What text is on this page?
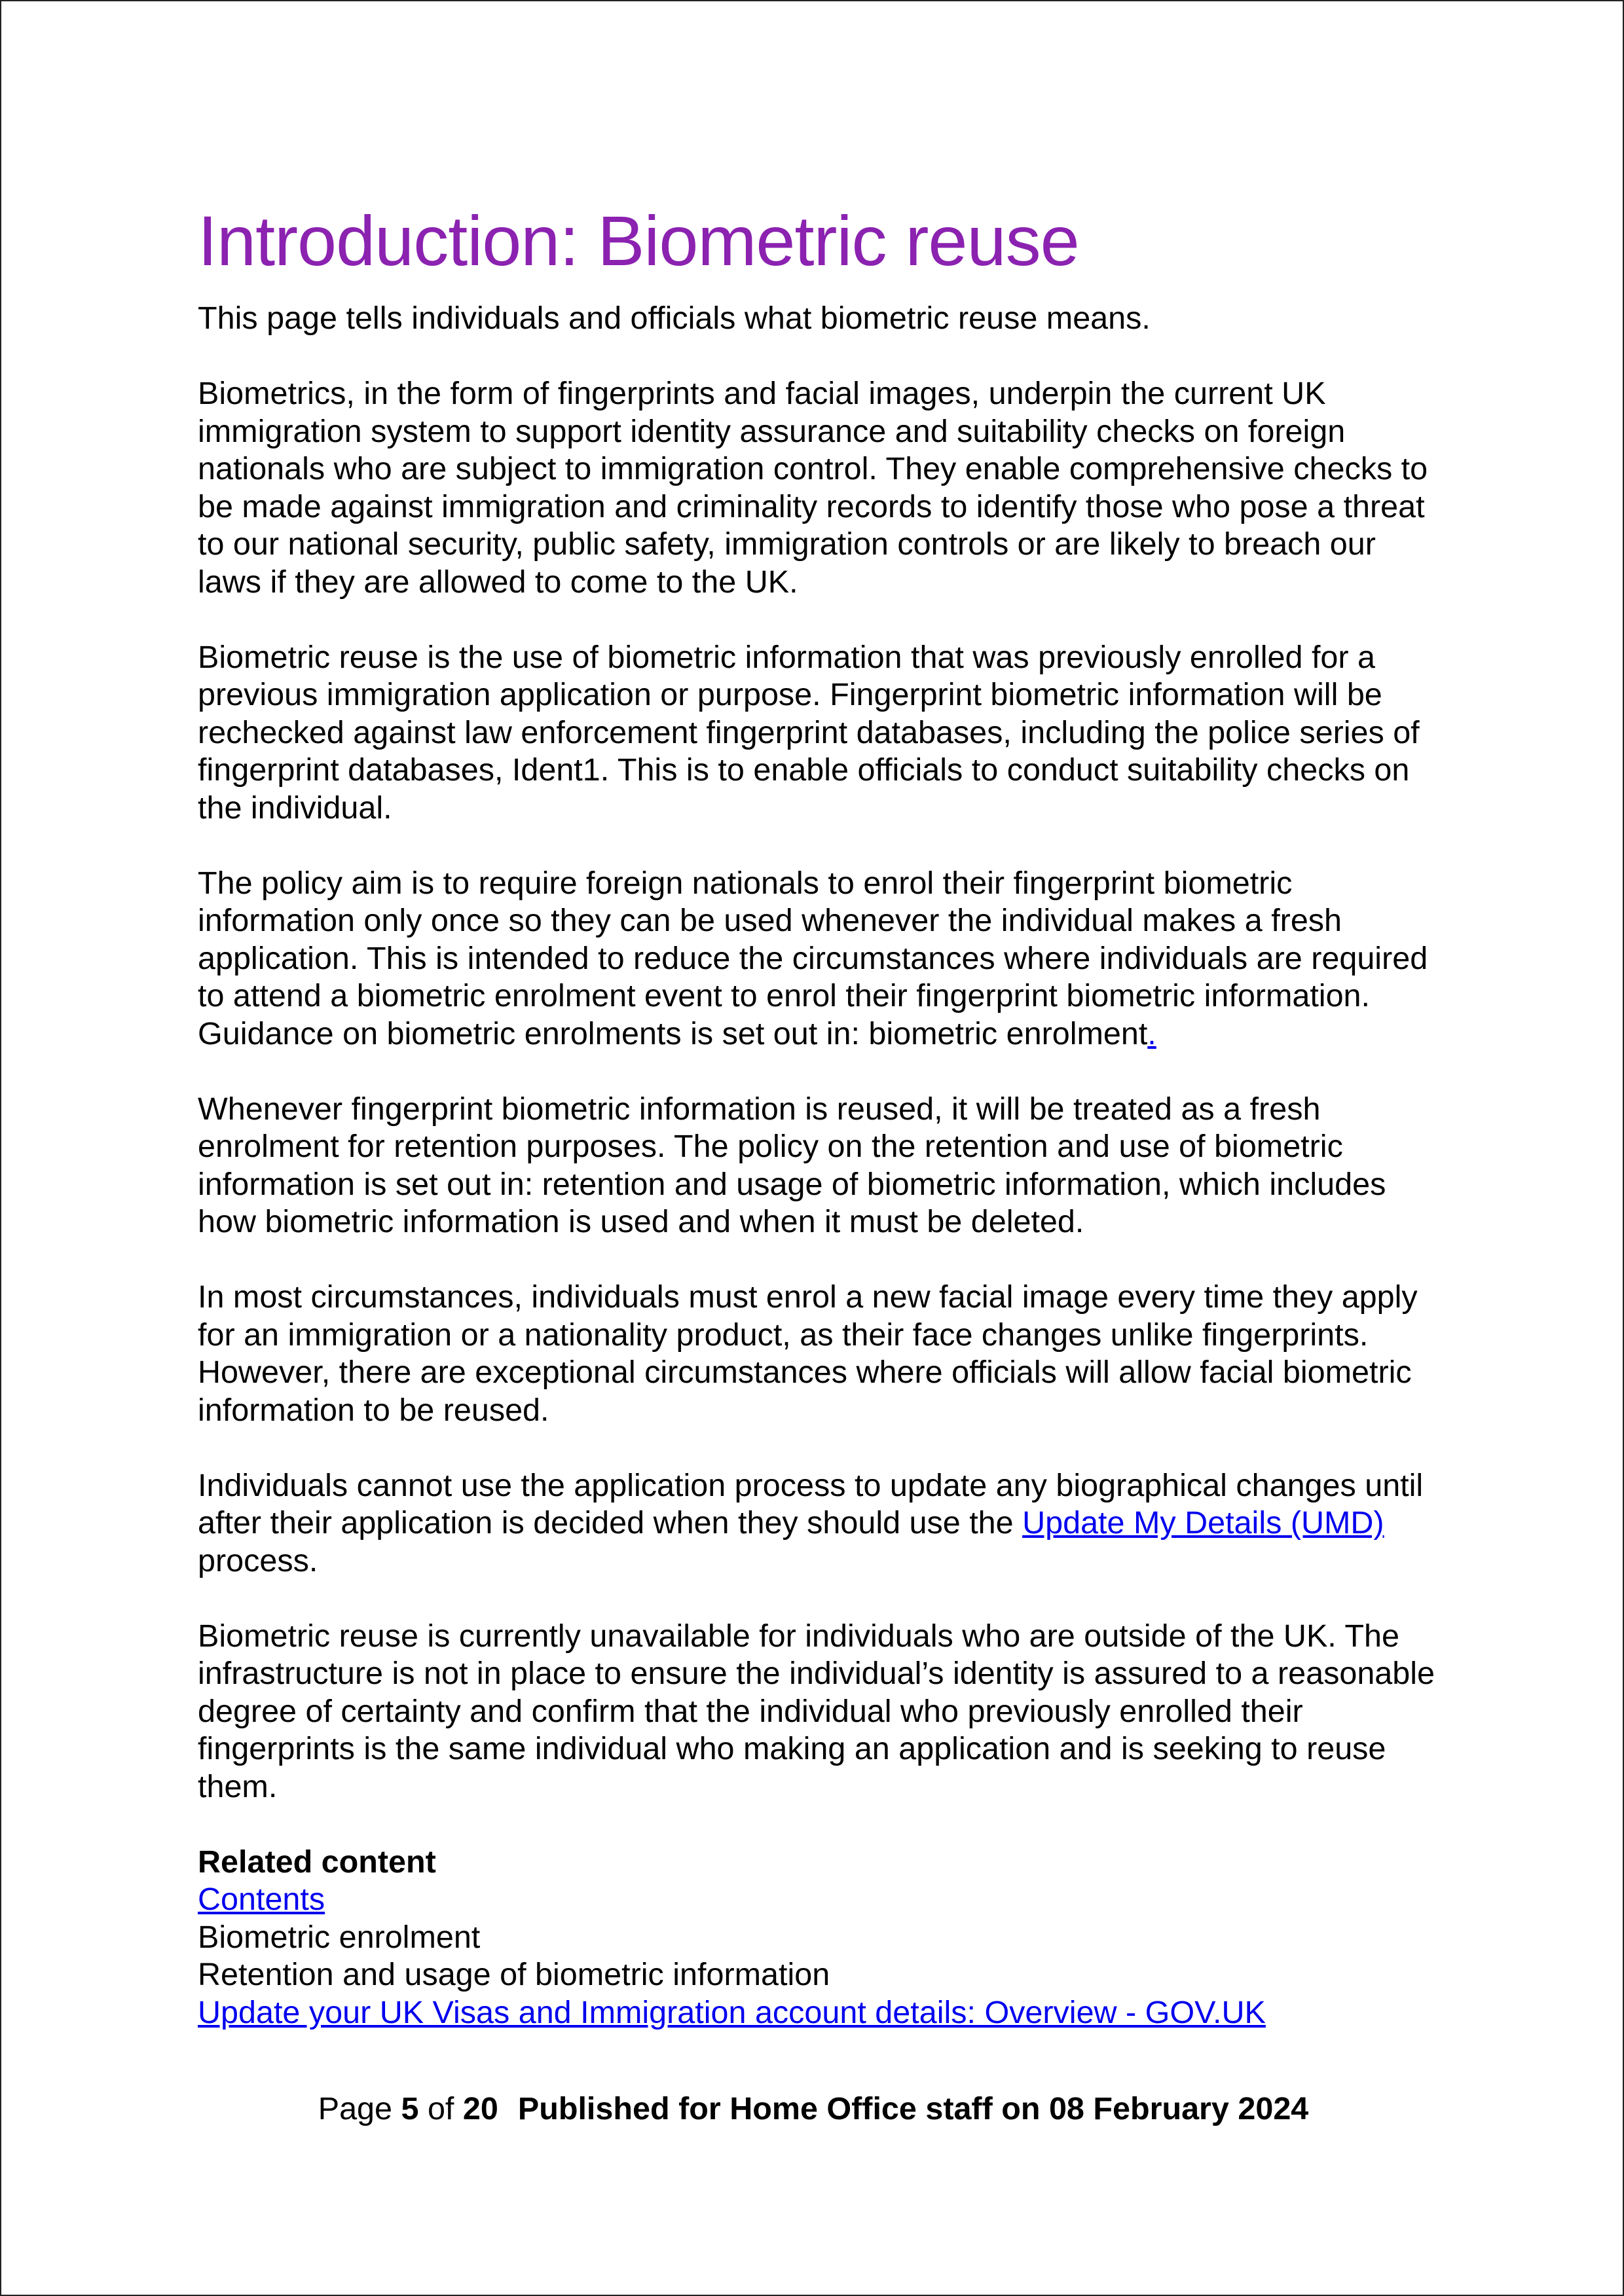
Introduction: Biometric reuse

This page tells individuals and officials what biometric reuse means.

Biometrics, in the form of fingerprints and facial images, underpin the current UK immigration system to support identity assurance and suitability checks on foreign nationals who are subject to immigration control. They enable comprehensive checks to be made against immigration and criminality records to identify those who pose a threat to our national security, public safety, immigration controls or are likely to breach our laws if they are allowed to come to the UK.

Biometric reuse is the use of biometric information that was previously enrolled for a previous immigration application or purpose. Fingerprint biometric information will be rechecked against law enforcement fingerprint databases, including the police series of fingerprint databases, Ident1. This is to enable officials to conduct suitability checks on the individual.

The policy aim is to require foreign nationals to enrol their fingerprint biometric information only once so they can be used whenever the individual makes a fresh application. This is intended to reduce the circumstances where individuals are required to attend a biometric enrolment event to enrol their fingerprint biometric information. Guidance on biometric enrolments is set out in: biometric enrolment.

Whenever fingerprint biometric information is reused, it will be treated as a fresh enrolment for retention purposes. The policy on the retention and use of biometric information is set out in: retention and usage of biometric information, which includes how biometric information is used and when it must be deleted.

In most circumstances, individuals must enrol a new facial image every time they apply for an immigration or a nationality product, as their face changes unlike fingerprints. However, there are exceptional circumstances where officials will allow facial biometric information to be reused.

Individuals cannot use the application process to update any biographical changes until after their application is decided when they should use the Update My Details (UMD) process.

Biometric reuse is currently unavailable for individuals who are outside of the UK. The infrastructure is not in place to ensure the individual’s identity is assured to a reasonable degree of certainty and confirm that the individual who previously enrolled their fingerprints is the same individual who making an application and is seeking to reuse them.

Related content
Contents
Biometric enrolment
Retention and usage of biometric information
Update your UK Visas and Immigration account details: Overview - GOV.UK
Page 5 of 20 Published for Home Office staff on 08 February 2024
